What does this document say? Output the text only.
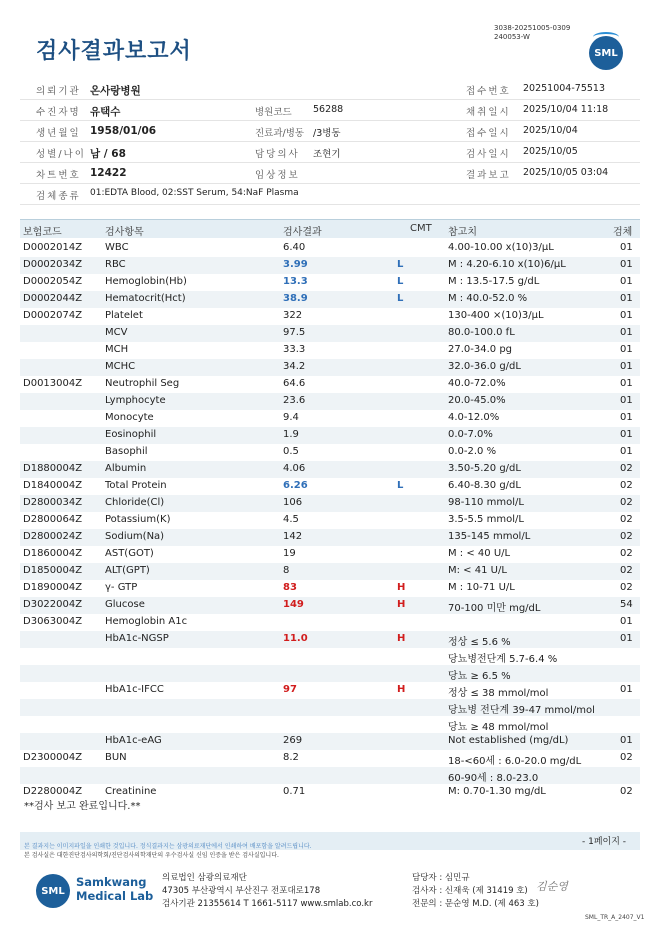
3038-20251005-0309
240053-W
검사결과보고서	SML
의뢰기관 온사랑병원	접수번호 20251004-75513
수진자명 유택수	병원코드 56288	채취일시 2025/10/04 11:18
생년월일 1958/01/06	진료과/병동 /3병동	접수일시 2025/10/04
성별/나이 남 / 68	담당의사 조현기	검사일시 2025/10/05
차트번호 12422	임상정보	결과보고 2025/10/05 03:04
검체종류 01:EDTA Blood, 02:SST Serum, 54:NaF Plasma
보험코드	검사항목	검사결과	CMT 참고치	검체
D0002014Z WBC	6.40	4.00-10.00 x(10)3/μL	01
D0002034Z RBC	3.99	L	M : 4.20-6.10 x(10)6/μL	01
D0002054Z Hemoglobin(Hb)	13.3	L	M : 13.5-17.5 g/dL	01
D0002044Z Hematocrit(Hct)	38.9	L	M : 40.0-52.0 %	01
D0002074Z Platelet	322	130-400 ×(10)3/μL	01
MCV	97.5	80.0-100.0 fL	01
MCH	33.3	27.0-34.0 pg	01
MCHC	34.2	32.0-36.0 g/dL	01
D0013004Z Neutrophil Seg	64.6	40.0-72.0%	01
Lymphocyte	23.6	20.0-45.0%	01
Monocyte	9.4	4.0-12.0%	01
Eosinophil	1.9	0.0-7.0%	01
Basophil	0.5	0.0-2.0 %	01
D1880004Z Albumin	4.06	3.50-5.20 g/dL	02
D1840004Z Total Protein	6.26	L	6.40-8.30 g/dL	02
D2800034Z Chloride(Cl)	106	98-110 mmol/L	02
D2800064Z Potassium(K)	4.5	3.5-5.5 mmol/L	02
D2800024Z Sodium(Na)	142	135-145 mmol/L	02
D1860004Z AST(GOT)	19	M : < 40 U/L	02
D1850004Z ALT(GPT)	8	M: < 41 U/L	02
D1890004Z γ- GTP	83	H	M : 10-71 U/L	02
D3022004Z Glucose	149	H	70-100 미만 mg/dL	54
D3063004Z Hemoglobin A1c	01
HbA1c-NGSP	11.0	H	정상 ≤ 5.6 %	01
당뇨병전단계 5.7-6.4 %
당뇨 ≥ 6.5 %
HbA1c-IFCC	97	H	정상 ≤ 38 mmol/mol	01
당뇨병 전단계 39-47 mmol/mol
당뇨 ≥ 48 mmol/mol
HbA1c-eAG	269	Not established (mg/dL)	01
D2300004Z BUN	8.2	18-<60세 : 6.0-20.0 mg/dL	02
60-90세 : 8.0-23.0
D2280004Z Creatinine	0.71	M: 0.70-1.30 mg/dL	02
**검사 보고 완료입니다.**
본 결과지는 이미지파일을 인쇄한 것입니다. 정식결과지는 삼광의료재단에서 인쇄하여 배포함을 알려드립니다.
본 검사실은 대한진단검사의학회/진단검사의학재단의 우수검사실 신임 인증을 받은 검사실입니다.
- 1페이지 -
SML
Samkwang
Medical Lab
의료법인 삼광의료재단
47305 부산광역시 부산진구 전포대로178
검사기관 21355614 T 1661-5117 www.smlab.co.kr
담당자 : 심민규
검사자 : 신재욱 (제 31419 호)
전문의 : 문순영 M.D. (제 463 호)
김순영
SML_TR_A_2407_V1
